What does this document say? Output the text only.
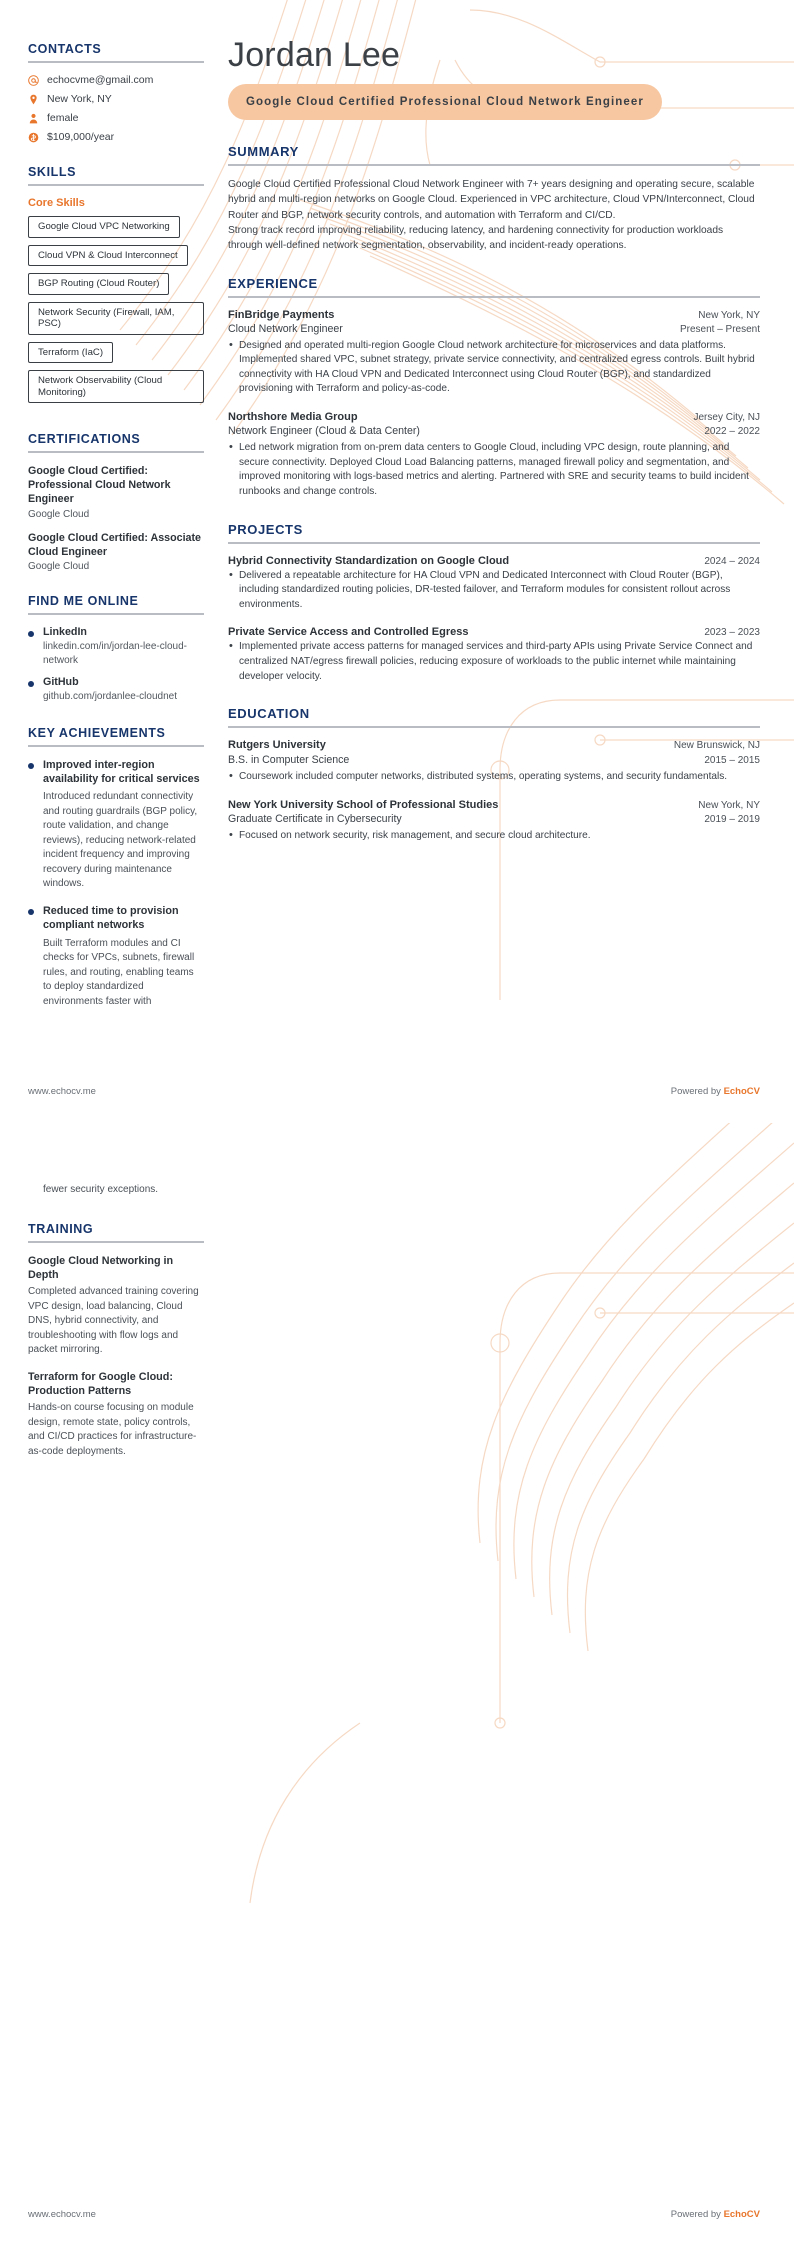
CONTACTS
echocvme@gmail.com
New York, NY
female
$109,000/year
SKILLS
Core Skills
Google Cloud VPC Networking
Cloud VPN & Cloud Interconnect
BGP Routing (Cloud Router)
Network Security (Firewall, IAM, PSC)
Terraform (IaC)
Network Observability (Cloud Monitoring)
CERTIFICATIONS
Google Cloud Certified: Professional Cloud Network Engineer
Google Cloud
Google Cloud Certified: Associate Cloud Engineer
Google Cloud
FIND ME ONLINE
LinkedIn
linkedin.com/in/jordan-lee-cloud-network
GitHub
github.com/jordanlee-cloudnet
KEY ACHIEVEMENTS
Improved inter-region availability for critical services
Introduced redundant connectivity and routing guardrails (BGP policy, route validation, and change reviews), reducing network-related incident frequency and improving recovery during maintenance windows.
Reduced time to provision compliant networks
Built Terraform modules and CI checks for VPCs, subnets, firewall rules, and routing, enabling teams to deploy standardized environments faster with
Jordan Lee
Google Cloud Certified Professional Cloud Network Engineer
SUMMARY

Google Cloud Certified Professional Cloud Network Engineer with 7+ years designing and operating secure, scalable hybrid and multi-region networks on Google Cloud. Experienced in VPC architecture, Cloud VPN/Interconnect, Cloud Router and BGP, network security controls, and automation with Terraform and CI/CD.

Strong track record improving reliability, reducing latency, and hardening connectivity for production workloads through well-defined network segmentation, observability, and incident-ready operations.

EXPERIENCE
FinBridge Payments	New York, NY
Cloud Network Engineer	Present – Present
• Designed and operated multi-region Google Cloud network architecture for microservices and data platforms. Implemented shared VPC, subnet strategy, private service connectivity, and centralized egress controls. Built hybrid connectivity with HA Cloud VPN and Dedicated Interconnect using Cloud Router (BGP), and standardized provisioning with Terraform and policy-as-code.
Northshore Media Group	Jersey City, NJ
Network Engineer (Cloud & Data Center)	2022 – 2022
• Led network migration from on-prem data centers to Google Cloud, including VPC design, route planning, and secure connectivity. Deployed Cloud Load Balancing patterns, managed firewall policy and segmentation, and improved monitoring with logs-based metrics and alerting. Partnered with SRE and security teams to build incident runbooks and change controls.
PROJECTS
Hybrid Connectivity Standardization on Google Cloud	2024 – 2024
• Delivered a repeatable architecture for HA Cloud VPN and Dedicated Interconnect with Cloud Router (BGP), including standardized routing policies, DR-tested failover, and Terraform modules for consistent rollout across environments.
Private Service Access and Controlled Egress	2023 – 2023
• Implemented private access patterns for managed services and third-party APIs using Private Service Connect and centralized NAT/egress firewall policies, reducing exposure of workloads to the public internet while maintaining developer velocity.
EDUCATION
Rutgers University	New Brunswick, NJ
B.S. in Computer Science	2015 – 2015
• Coursework included computer networks, distributed systems, operating systems, and security fundamentals.
New York University School of Professional Studies	New York, NY
Graduate Certificate in Cybersecurity	2019 – 2019
• Focused on network security, risk management, and secure cloud architecture.
www.echocv.me	Powered by EchoCV
fewer security exceptions.
TRAINING
Google Cloud Networking in Depth
Completed advanced training covering VPC design, load balancing, Cloud DNS, hybrid connectivity, and troubleshooting with flow logs and packet mirroring.
Terraform for Google Cloud: Production Patterns
Hands-on course focusing on module design, remote state, policy controls, and CI/CD practices for infrastructure-as-code deployments.
www.echocv.me	Powered by EchoCV
